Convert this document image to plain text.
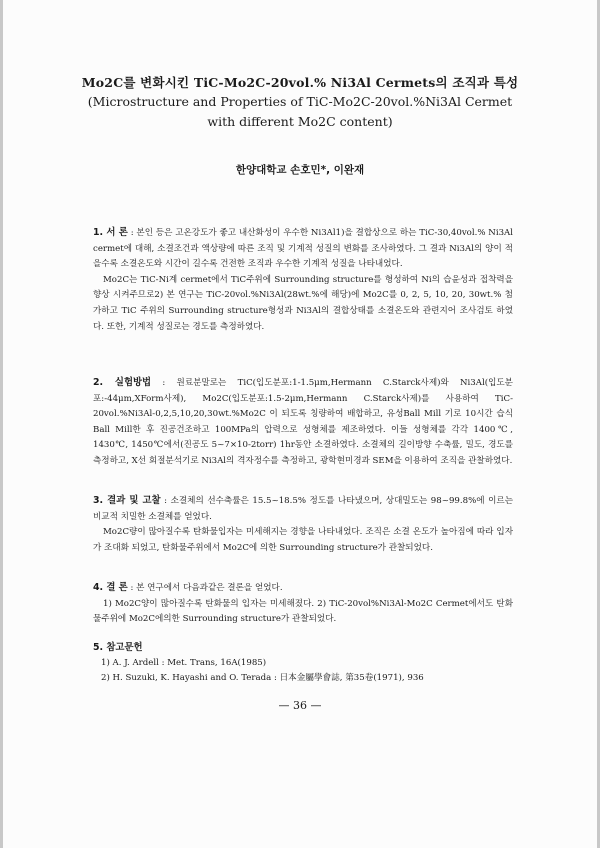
Mo2C를 변화시킨 TiC-Mo2C-20vol.% Ni3Al Cermets의 조직과 특성
(Microstructure and Properties of TiC-Mo2C-20vol.%Ni3Al Cermet
with different Mo2C content)
한양대학교 손호민*, 이완재

1. 서 론 : 본인 등은 고온강도가 좋고 내산화성이 우수한 Ni3Al1)을 결합상으로 하는 TiC-30,40vol.% Ni3Al cermet에 대해, 소결조건과 액상량에 따른 조직 및 기계적 성질의 변화를 조사하였다. 그 결과 Ni3Al의 양이 적을수록 소결온도와 시간이 길수록 건전한 조직과 우수한 기계적 성질을 나타내었다.

Mo2C는 TiC-Ni계 cermet에서 TiC주위에 Surrounding structure를 형성하여 Ni의 습윤성과 접착력을 향상 시켜주므로2) 본 연구는 TiC-20vol.%Ni3Al(28wt.%에 해당)에 Mo2C를 0, 2, 5, 10, 20, 30wt.% 첨가하고 TiC 주위의 Surrounding structure형성과 Ni3Al의 결합상태를 소결온도와 관련지어 조사검토 하였다. 또한, 기계적 성질로는 경도를 측정하였다.

2. 실험방법 : 원료분말로는 TiC(입도분포:1-1.5μm,Hermann C.Starck사제)와 Ni3Al(입도분포:-44μm,XForm사제), Mo2C(입도분포:1.5-2μm,Hermann C.Starck사제)를 사용하여 TiC-20vol.%Ni3Al-0,2,5,10,20,30wt.%Mo2C 이 되도록 칭량하여 배합하고, 유성Ball Mill 기로 10시간 습식 Ball Mill한 후 진공건조하고 100MPa의 압력으로 성형체를 제조하였다. 이들 성형체를 각각 1400℃, 1430℃, 1450℃에서(진공도 5~7×10-2torr) 1hr동안 소결하였다. 소결체의 길이방향 수축률, 밀도, 경도를 측정하고, X선 회절분석기로 Ni3Al의 격자정수를 측정하고, 광학현미경과 SEM을 이용하여 조직을 관찰하였다.

3. 결과 및 고찰 : 소결체의 선수축률은 15.5~18.5% 정도를 나타냈으며, 상대밀도는 98~99.8%에 이르는 비교적 치밀한 소결체를 얻었다.

Mo2C량이 많아질수록 탄화물입자는 미세해지는 경향을 나타내었다. 조직은 소결 온도가 높아짐에 따라 입자가 조대화 되었고, 탄화물주위에서 Mo2C에 의한 Surrounding structure가 관찰되었다.

4. 결 론 : 본 연구에서 다음과같은 결론을 얻었다.

1) Mo2C양이 많아질수록 탄화물의 입자는 미세해졌다. 2) TiC-20vol%Ni3Al-Mo2C Cermet에서도 탄화물주위에 Mo2C에의한 Surrounding structure가 관찰되었다.

5. 참고문헌

1) A. J. Ardell : Met. Trans, 16A(1985)

2) H. Suzuki, K. Hayashi and O. Terada : 日本金屬學會誌, 第35卷(1971), 936

— 36 —
